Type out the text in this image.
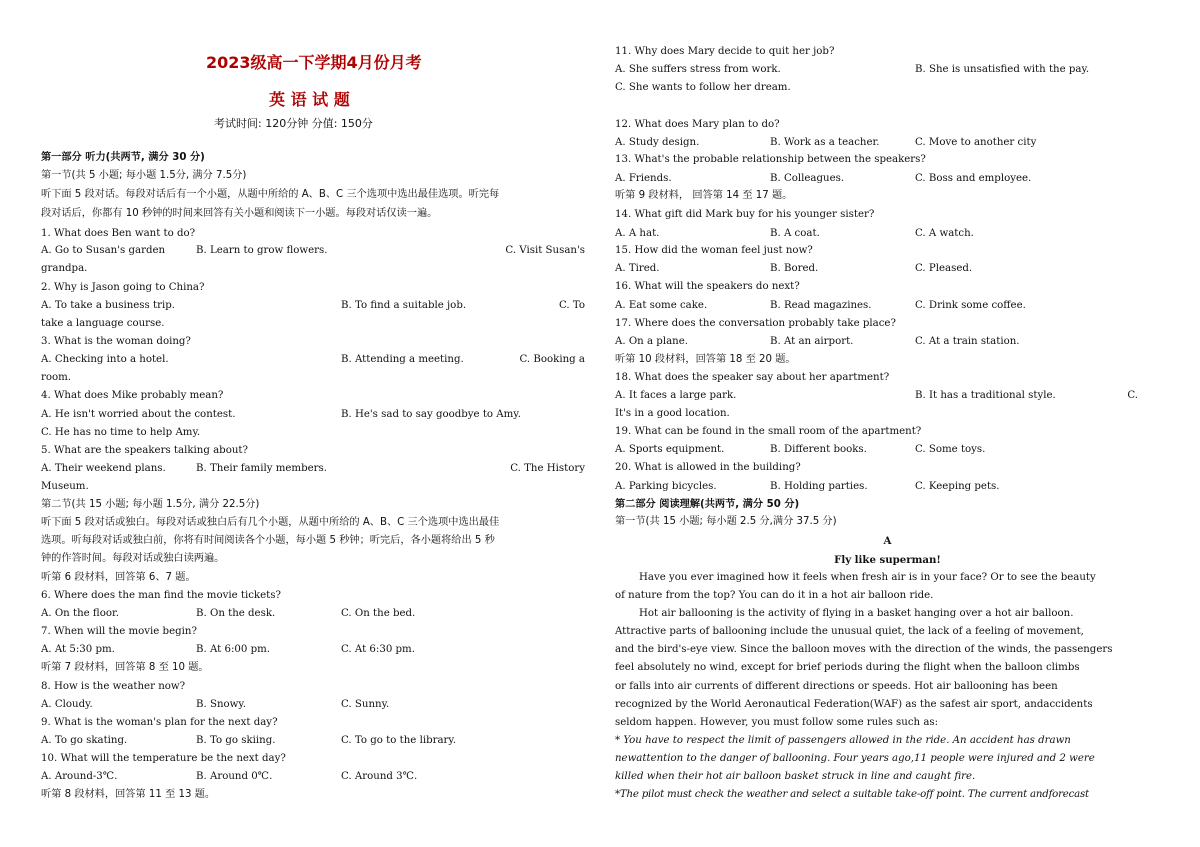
2023级高一下学期4月份月考
英 语 试 题
考试时间: 120分钟 分值: 150分
第一部分 听力(共两节, 满分 30 分)
第一节(共 5 小题; 每小题 1.5分, 满分 7.5分)
听下面 5 段对话。每段对话后有一个小题，从题中所给的 A、B、C 三个选项中选出最佳选项。听完每
段对话后，你都有 10 秒钟的时间来回答有关小题和阅读下一小题。每段对话仅读一遍。
1. What does Ben want to do?
A. Go to Susan's garden	B. Learn to grow flowers.	C. Visit Susan's
grandpa.
2. Why is Jason going to China?
A. To take a business trip.	B. To find a suitable job.	C. To
take a language course.
3. What is the woman doing?
A. Checking into a hotel.	B. Attending a meeting.	C. Booking a
room.
4. What does Mike probably mean?
A. He isn't worried about the contest.	B. He's sad to say goodbye to Amy.
C. He has no time to help Amy.
5. What are the speakers talking about?
A. Their weekend plans.	B. Their family members.	C. The History
Museum.
第二节(共 15 小题; 每小题 1.5分, 满分 22.5分)
听下面 5 段对话或独白。每段对话或独白后有几个小题，从题中所给的 A、B、C 三个选项中选出最佳
选项。听每段对话或独白前，你将有时间阅读各个小题，每小题 5 秒钟；听完后，各小题将给出 5 秒
钟的作答时间。每段对话或独白读两遍。
听第 6 段材料，回答第 6、7 题。
6. Where does the man find the movie tickets?
A. On the floor.	B. On the desk.	C. On the bed.
7. When will the movie begin?
A. At 5:30 pm.	B. At 6:00 pm.	C. At 6:30 pm.
听第 7 段材料，回答第 8 至 10 题。
8. How is the weather now?
A. Cloudy.	B. Snowy.	C. Sunny.
9. What is the woman's plan for the next day?
A. To go skating.	B. To go skiing.	C. To go to the library.
10. What will the temperature be the next day?
A. Around-3℃.	B. Around 0℃.	C. Around 3℃.
听第 8 段材料，回答第 11 至 13 题。
11. Why does Mary decide to quit her job?
A. She suffers stress from work.	B. She is unsatisfied with the pay.
C. She wants to follow her dream.
12. What does Mary plan to do?
A. Study design.	B. Work as a teacher.	C. Move to another city
13. What's the probable relationship between the speakers?
A. Friends.	B. Colleagues.	C. Boss and employee.
听第 9 段材料， 回答第 14 至 17 题。
14. What gift did Mark buy for his younger sister?
A. A hat.	B. A coat.	C. A watch.
15. How did the woman feel just now?
A. Tired.	B. Bored.	C. Pleased.
16. What will the speakers do next?
A. Eat some cake.	B. Read magazines.	C. Drink some coffee.
17. Where does the conversation probably take place?
A. On a plane.	B. At an airport.	C. At a train station.
听第 10 段材料，回答第 18 至 20 题。
18. What does the speaker say about her apartment?
A. It faces a large park.	B. It has a traditional style.	C.
It's in a good location.
19. What can be found in the small room of the apartment?
A. Sports equipment.	B. Different books.	C. Some toys.
20. What is allowed in the building?
A. Parking bicycles.	B. Holding parties.	C. Keeping pets.
第二部分 阅读理解(共两节, 满分 50 分)
第一节(共 15 小题; 每小题 2.5 分,满分 37.5 分)
A
Fly like superman!
Have you ever imagined how it feels when fresh air is in your face? Or to see the beauty
of nature from the top? You can do it in a hot air balloon ride.
Hot air ballooning is the activity of flying in a basket hanging over a hot air balloon.
Attractive parts of ballooning include the unusual quiet, the lack of a feeling of movement,
and the bird's-eye view. Since the balloon moves with the direction of the winds, the passengers
feel absolutely no wind, except for brief periods during the flight when the balloon climbs
or falls into air currents of different directions or speeds. Hot air ballooning has been
recognized by the World Aeronautical Federation(WAF) as the safest air sport, andaccidents
seldom happen. However, you must follow some rules such as:
* You have to respect the limit of passengers allowed in the ride. An accident has drawn
newattention to the danger of ballooning. Four years ago,11 people were injured and 2 were
killed when their hot air balloon basket struck in line and caught fire.
*The pilot must check the weather and select a suitable take-off point. The current andforecast
